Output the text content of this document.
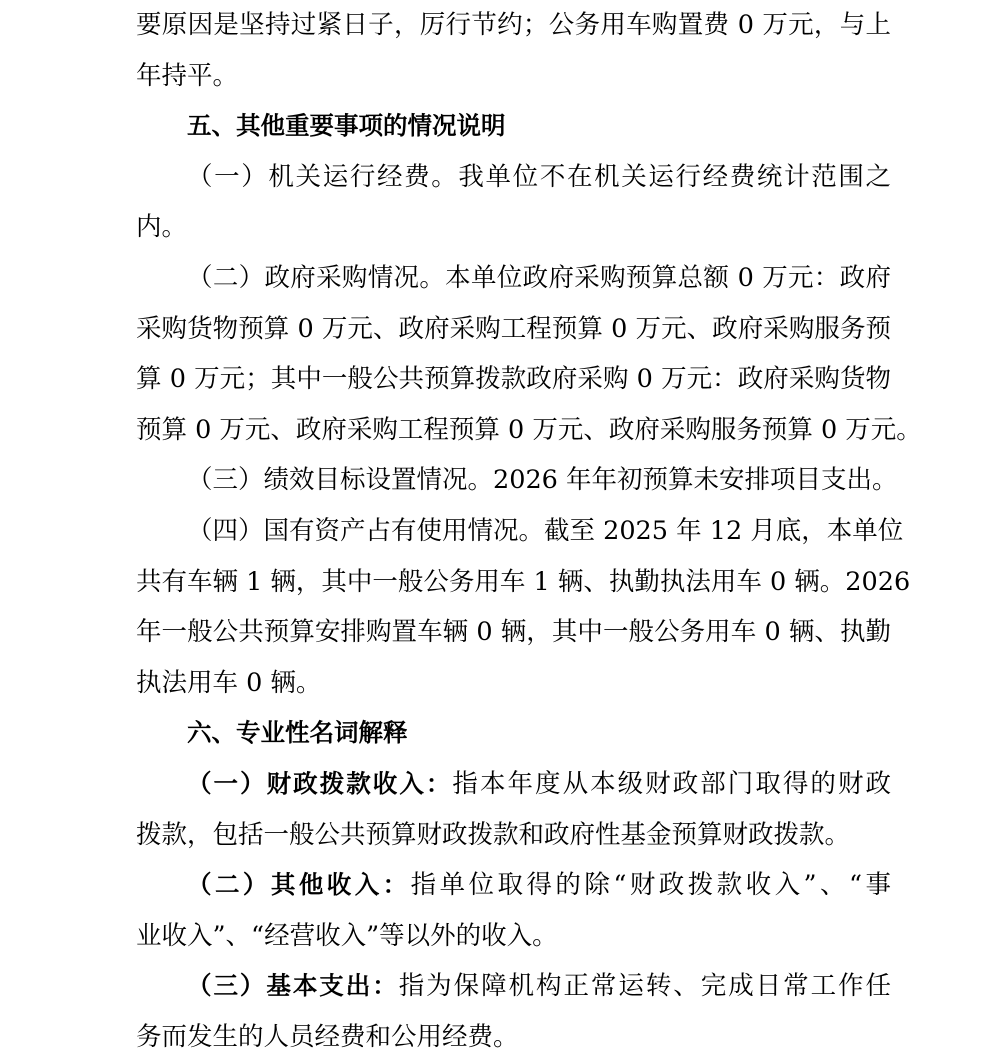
要原因是坚持过紧日子，厉行节约；公务用车购置费 0 万元，与上
年持平。
五、其他重要事项的情况说明
（一）机关运行经费。我单位不在机关运行经费统计范围之
内。
（二）政府采购情况。本单位政府采购预算总额 0 万元：政府
采购货物预算 0 万元、政府采购工程预算 0 万元、政府采购服务预
算 0 万元；其中一般公共预算拨款政府采购 0 万元：政府采购货物
预算 0 万元、政府采购工程预算 0 万元、政府采购服务预算 0 万元。
（三）绩效目标设置情况。2026 年年初预算未安排项目支出。
（四）国有资产占有使用情况。截至 2025 年 12 月底，本单位
共有车辆 1 辆，其中一般公务用车 1 辆、执勤执法用车 0 辆。2026
年一般公共预算安排购置车辆 0 辆，其中一般公务用车 0 辆、执勤
执法用车 0 辆。
六、专业性名词解释
（一）财政拨款收入：指本年度从本级财政部门取得的财政
拨款，包括一般公共预算财政拨款和政府性基金预算财政拨款。
（二）其他收入：指单位取得的除“财政拨款收入”、“事
业收入”、“经营收入”等以外的收入。
（三）基本支出：指为保障机构正常运转、完成日常工作任
务而发生的人员经费和公用经费。
